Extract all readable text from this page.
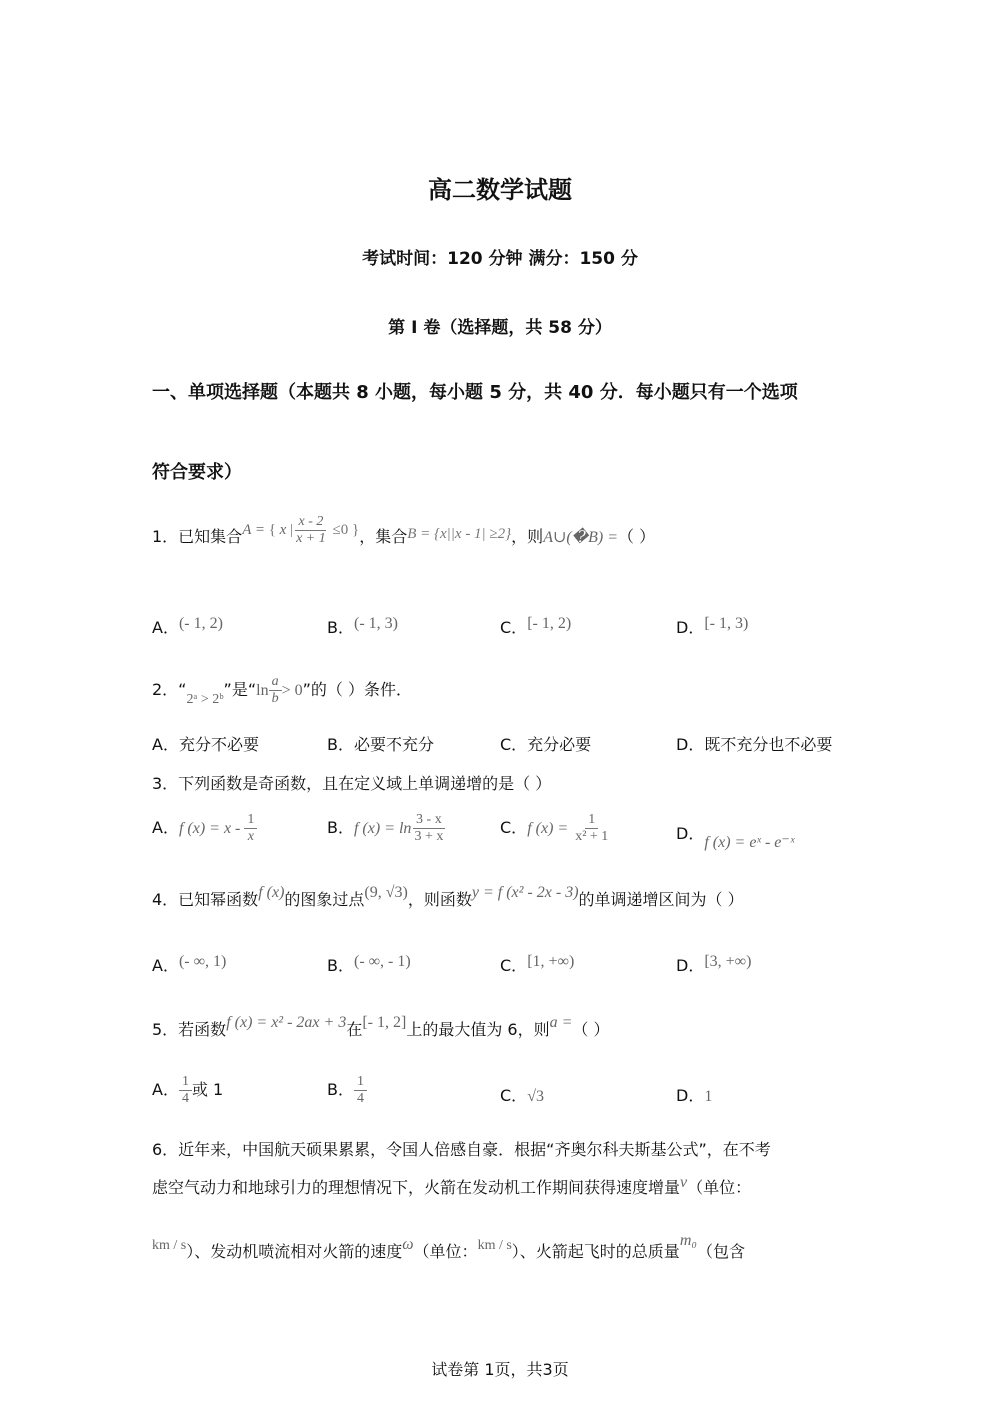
高二数学试题
考试时间：120 分钟 满分：150 分
第 I 卷（选择题，共 58 分）
一、单项选择题（本题共 8 小题，每小题 5 分，共 40 分．每小题只有一个选项
符合要求）
1．已知集合A = { x | $\frac{x - 2}{x + 1} \le 0$ }，集合B = {x||x - 1| ≥2}，则A∪(�B) =（ ）
A．(- 1, 2)	B．(- 1, 3)	C．[- 1, 2)	D．[- 1, 3)
2．“2ᵃ > 2ᵇ”是“$\ln \frac{a}{b} > 0$”的（ ）条件．
A．充分不必要	B．必要不充分	C．充分必要	D．既不充分也不必要
3．下列函数是奇函数，且在定义域上单调递增的是（ ）
A．f $(x) = x - \frac{1}{x}$	B．f $(x) = \ln \frac{3 - x}{3 + x}$	C．f $(x) = \frac{1}{\text{x² + 1}}$	D．f (x) = eˣ - e⁻ˣ
4．已知幂函数f (x)的图象过点(9, √3)，则函数y = f (x² - 2x - 3)的单调递增区间为（ ）
A．(- ∞, 1)	B．(- ∞, - 1)	C．[1, +∞)	D．[3, +∞)
5．若函数f (x) = x² - 2ax + 3在[- 1, 2]上的最大值为 6，则a =（ ）
A． $\frac{1}{4}$ 或 1	B． $\frac{1}{4}$	C．√3	D．1
6．近年来，中国航天硕果累累，令国人倍感自豪．根据“齐奥尔科夫斯基公式”，在不考
虑空气动力和地球引力的理想情况下，火箭在发动机工作期间获得速度增量v（单位：
km / s）、发动机喷流相对火箭的速度ω（单位：km / s）、火箭起飞时的总质量m₀（包含
试卷第 1页，共3页
